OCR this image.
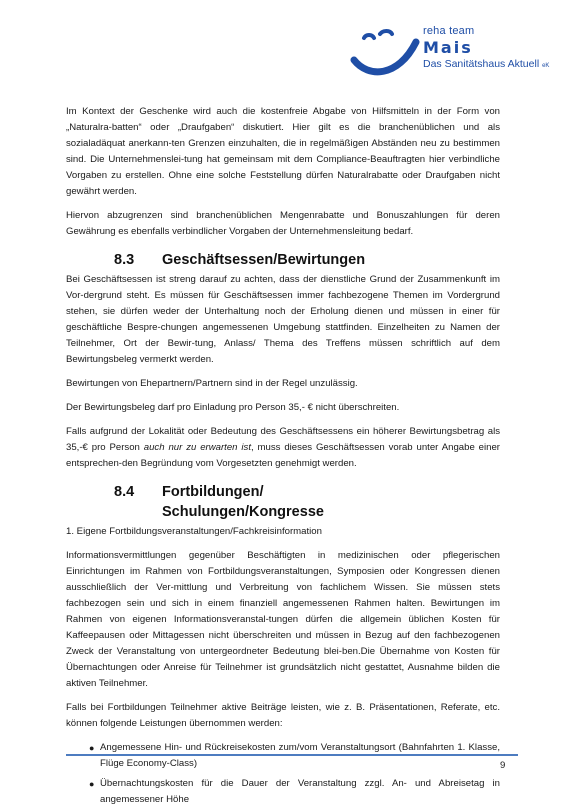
reha team
Mais
Das Sanitätshaus Aktuell eK

Im Kontext der Geschenke wird auch die kostenfreie Abgabe von Hilfsmitteln in der Form von „Naturalra-batten“ oder „Draufgaben“ diskutiert. Hier gilt es die branchenüblichen und als sozialadäquat anerkann-ten Grenzen einzuhalten, die in regelmäßigen Abständen neu zu bestimmen sind. Die Unternehmenslei-tung hat gemeinsam mit dem Compliance-Beauftragten hier verbindliche Vorgaben zu erstellen. Ohne eine solche Feststellung dürfen Naturalrabatte oder Draufgaben nicht gewährt werden.

Hiervon abzugrenzen sind branchenüblichen Mengenrabatte und Bonuszahlungen für deren Gewährung es ebenfalls verbindlicher Vorgaben der Unternehmensleitung bedarf.

8.3	Geschäftsessen/Bewirtungen

Bei Geschäftsessen ist streng darauf zu achten, dass der dienstliche Grund der Zusammenkunft im Vor-dergrund steht. Es müssen für Geschäftsessen immer fachbezogene Themen im Vordergrund stehen, sie dürfen weder der Unterhaltung noch der Erholung dienen und müssen in einer für geschäftliche Bespre-chungen angemessenen Umgebung stattfinden. Einzelheiten zu Namen der Teilnehmer, Ort der Bewir-tung, Anlass/ Thema des Treffens müssen schriftlich auf dem Bewirtungsbeleg vermerkt werden.

Bewirtungen von Ehepartnern/Partnern sind in der Regel unzulässig.

Der Bewirtungsbeleg darf pro Einladung pro Person 35,- € nicht überschreiten.

Falls aufgrund der Lokalität oder Bedeutung des Geschäftsessens ein höherer Bewirtungsbetrag als 35,-€ pro Person auch nur zu erwarten ist, muss dieses Geschäftsessen vorab unter Angabe einer entsprechen-den Begründung vom Vorgesetzten genehmigt werden.

8.4	Fortbildungen/
Schulungen/Kongresse

1. Eigene Fortbildungsveranstaltungen/Fachkreisinformation

Informationsvermittlungen gegenüber Beschäftigten in medizinischen oder pflegerischen Einrichtungen im Rahmen von Fortbildungsveranstaltungen, Symposien oder Kongressen dienen ausschließlich der Ver-mittlung und Verbreitung von fachlichem Wissen. Sie müssen stets fachbezogen sein und sich in einem finanziell angemessenen Rahmen halten. Bewirtungen im Rahmen von eigenen Informationsveranstal-tungen dürfen die allgemein üblichen Kosten für Kaffeepausen oder Mittagessen nicht überschreiten und müssen in Bezug auf den fachbezogenen Zweck der Veranstaltung von untergeordneter Bedeutung blei-ben.Die Übernahme von Kosten für Übernachtungen oder Anreise für Teilnehmer ist grundsätzlich nicht gestattet, Ausnahme bilden die aktiven Teilnehmer.

Falls bei Fortbildungen Teilnehmer aktive Beiträge leisten, wie z. B. Präsentationen, Referate, etc. können folgende Leistungen übernommen werden:

● Angemessene Hin- und Rückreisekosten zum/vom Veranstaltungsort (Bahnfahrten 1. Klasse, Flüge Economy-Class)
● Übernachtungskosten für die Dauer der Veranstaltung zzgl. An- und Abreisetag in angemessener Höhe
9
